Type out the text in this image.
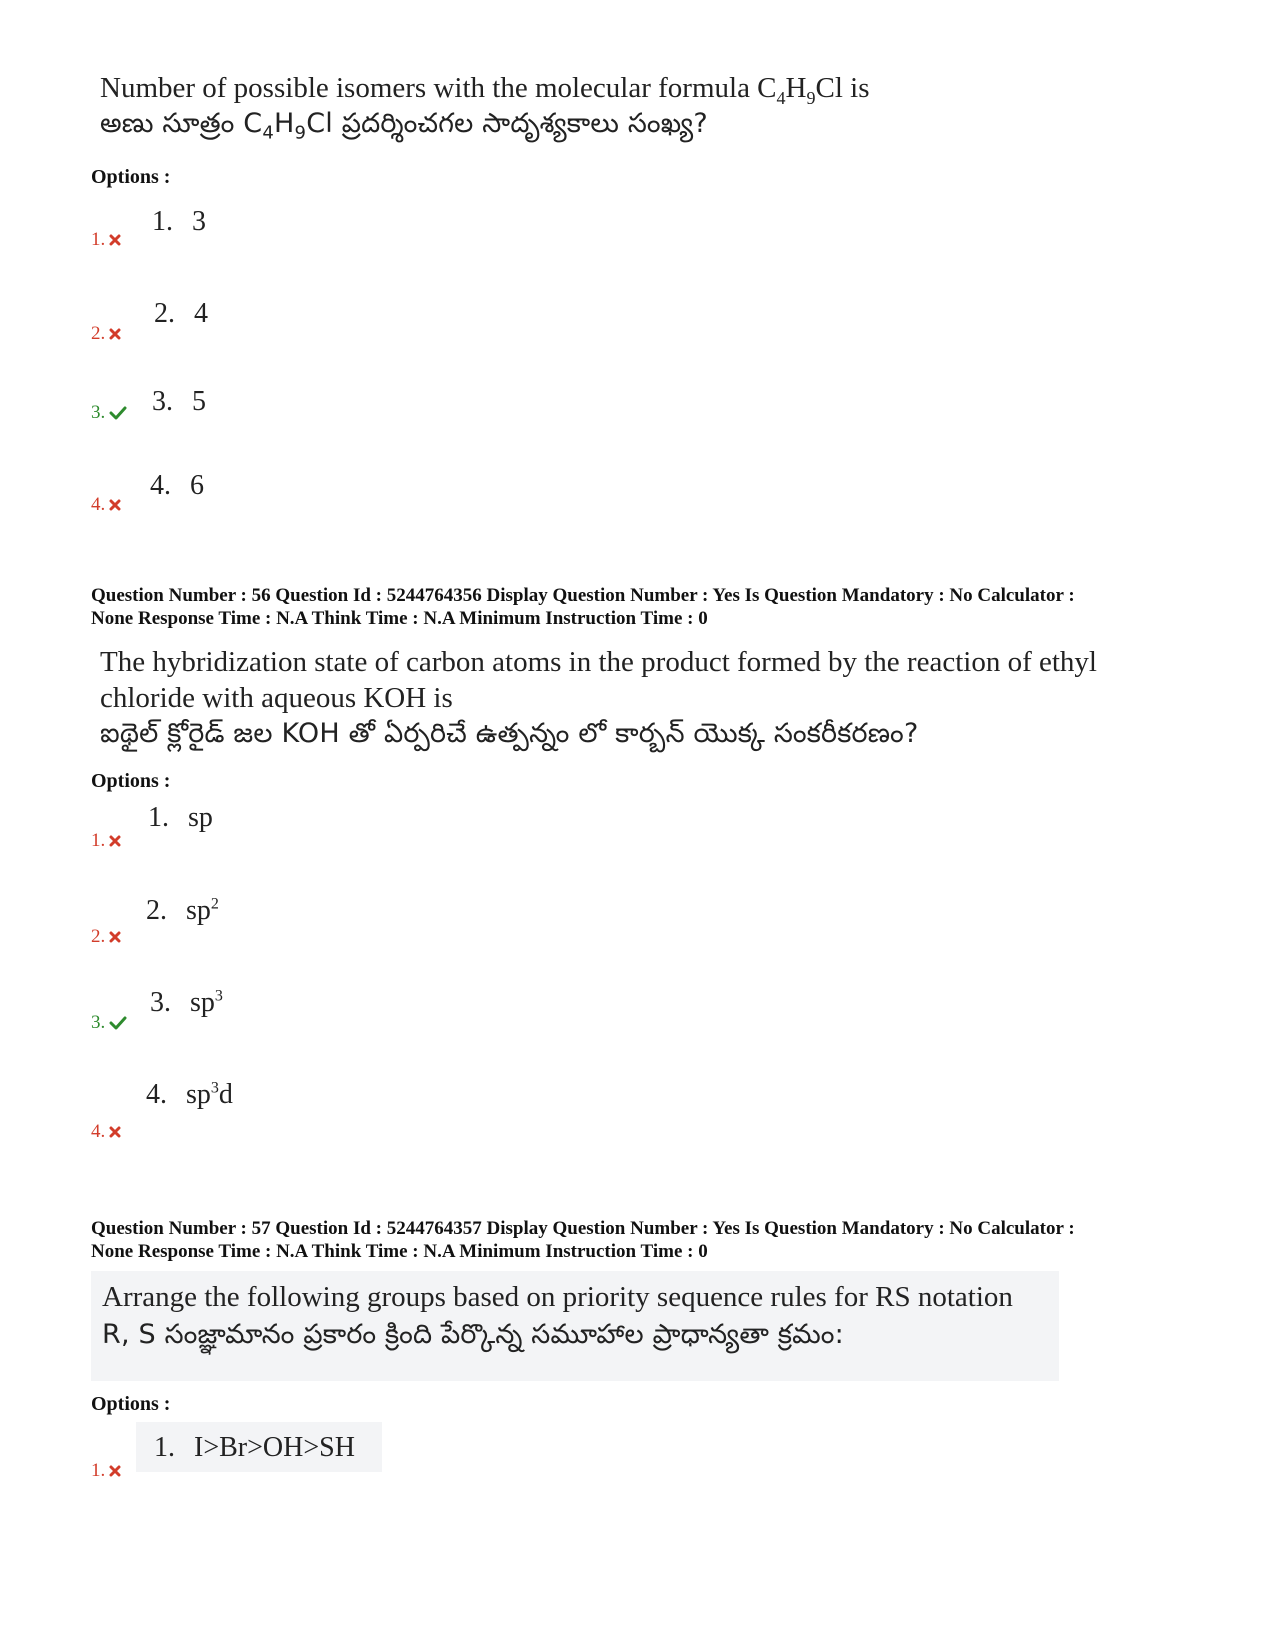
Number of possible isomers with the molecular formula $C_4H_9Cl$ is
అణు సూత్రం $C_4H_9Cl$ ప్రదర్శించగల సాదృశ్యకాలు సంఖ్య?
Options :
1.
1. 3
2.
2. 4
3. 3. 5
4.
4. 6
Question Number : 56 Question Id : 5244764356 Display Question Number : Yes Is Question Mandatory : No Calculator :
None Response Time : N.A Think Time : N.A Minimum Instruction Time : 0
The hybridization state of carbon atoms in the product formed by the reaction of ethyl
chloride with aqueous KOH is
ఐథైల్ క్లోరైడ్ జల KOH తో ఏర్పరిచే ఉత్పన్నం లో కార్బన్ యొక్క సంకరీకరణం?
Options :
1.
1. sp
2.
2. $sp^2$
3.
3. $sp^3$
4.
4. $sp^3d$
Question Number : 57 Question Id : 5244764357 Display Question Number : Yes Is Question Mandatory : No Calculator :
None Response Time : N.A Think Time : N.A Minimum Instruction Time : 0
Arrange the following groups based on priority sequence rules for RS notation
R, S సంజ్ఞామానం ప్రకారం క్రింది పేర్కొన్న సమూహాల ప్రాధాన్యతా క్రమం:
Options :
1.
1. I>Br>OH>SH
